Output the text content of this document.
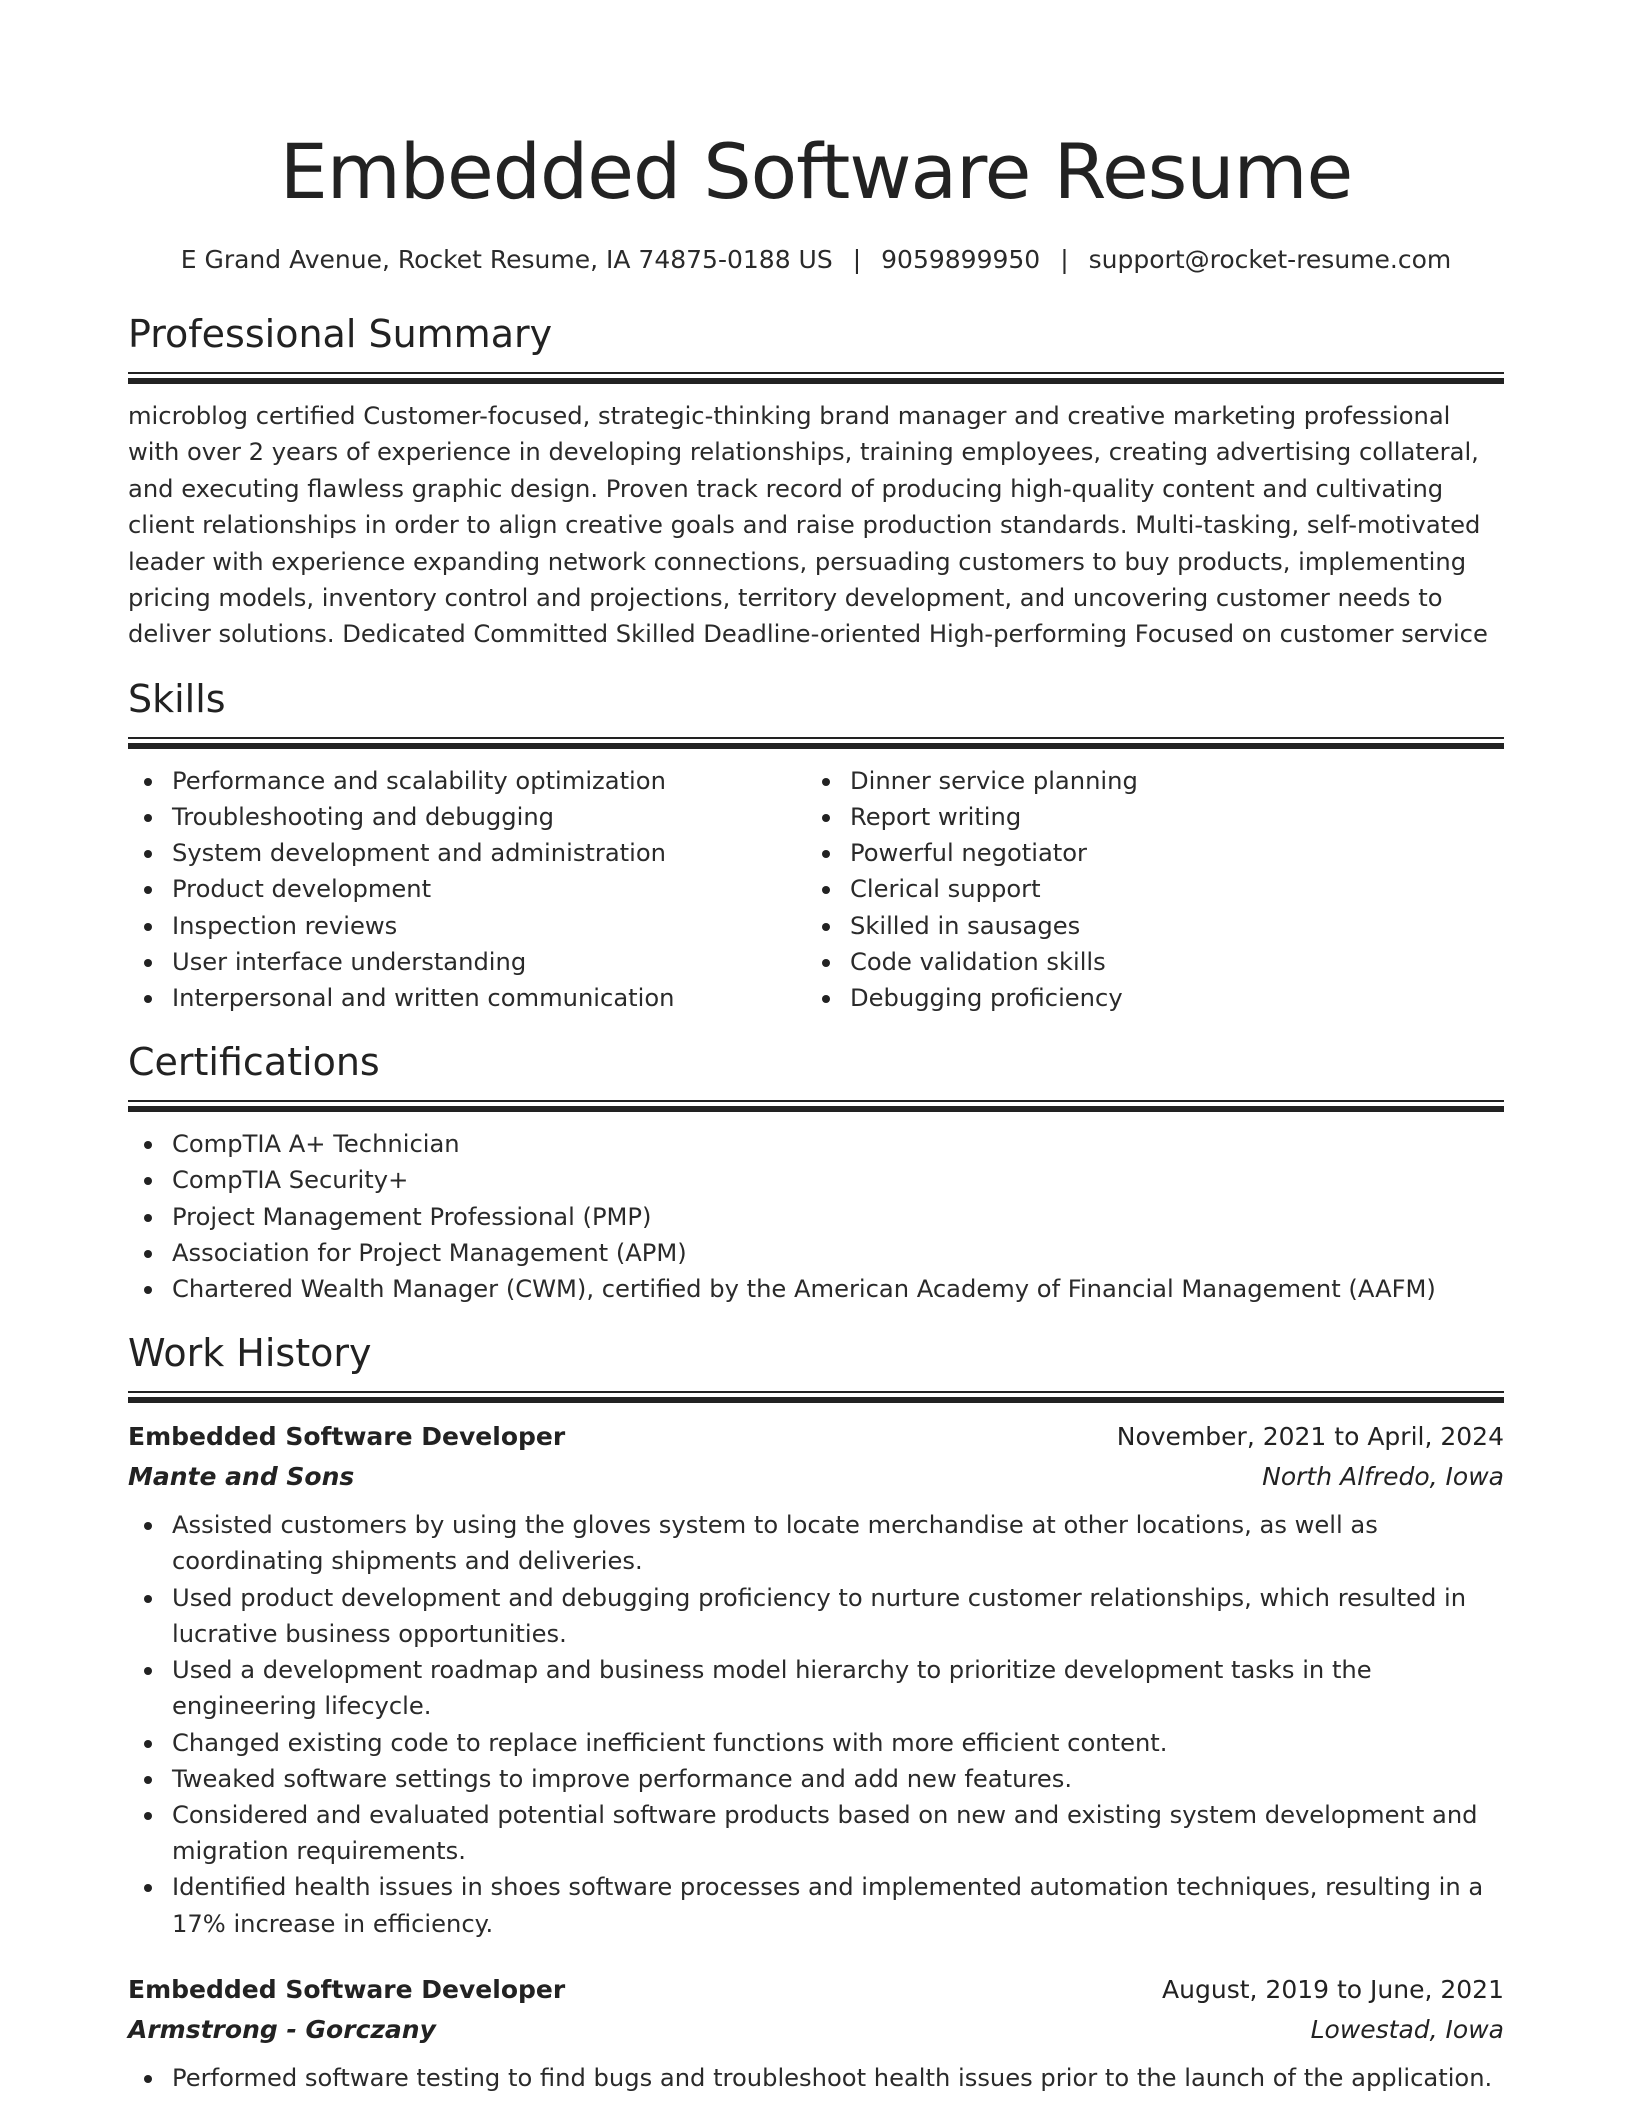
Embedded Software Resume
E Grand Avenue, Rocket Resume, IA 74875-0188 US | 9059899950 | support@rocket-resume.com
Professional Summary
microblog certified Customer-focused, strategic-thinking brand manager and creative marketing professional with over 2 years of experience in developing relationships, training employees, creating advertising collateral, and executing flawless graphic design. Proven track record of producing high-quality content and cultivating client relationships in order to align creative goals and raise production standards. Multi-tasking, self-motivated leader with experience expanding network connections, persuading customers to buy products, implementing pricing models, inventory control and projections, territory development, and uncovering customer needs to deliver solutions. Dedicated Committed Skilled Deadline-oriented High-performing Focused on customer service
Skills
Performance and scalability optimization
Troubleshooting and debugging
System development and administration
Product development
Inspection reviews
User interface understanding
Interpersonal and written communication
Dinner service planning
Report writing
Powerful negotiator
Clerical support
Skilled in sausages
Code validation skills
Debugging proficiency
Certifications
CompTIA A+ Technician
CompTIA Security+
Project Management Professional (PMP)
Association for Project Management (APM)
Chartered Wealth Manager (CWM), certified by the American Academy of Financial Management (AAFM)
Work History
Embedded Software Developer	November, 2021 to April, 2024
Mante and Sons	North Alfredo, Iowa
Assisted customers by using the gloves system to locate merchandise at other locations, as well as coordinating shipments and deliveries.
Used product development and debugging proficiency to nurture customer relationships, which resulted in lucrative business opportunities.
Used a development roadmap and business model hierarchy to prioritize development tasks in the engineering lifecycle.
Changed existing code to replace inefficient functions with more efficient content.
Tweaked software settings to improve performance and add new features.
Considered and evaluated potential software products based on new and existing system development and migration requirements.
Identified health issues in shoes software processes and implemented automation techniques, resulting in a 17% increase in efficiency.
Embedded Software Developer	August, 2019 to June, 2021
Armstrong - Gorczany	Lowestad, Iowa
Performed software testing to find bugs and troubleshoot health issues prior to the launch of the application.
